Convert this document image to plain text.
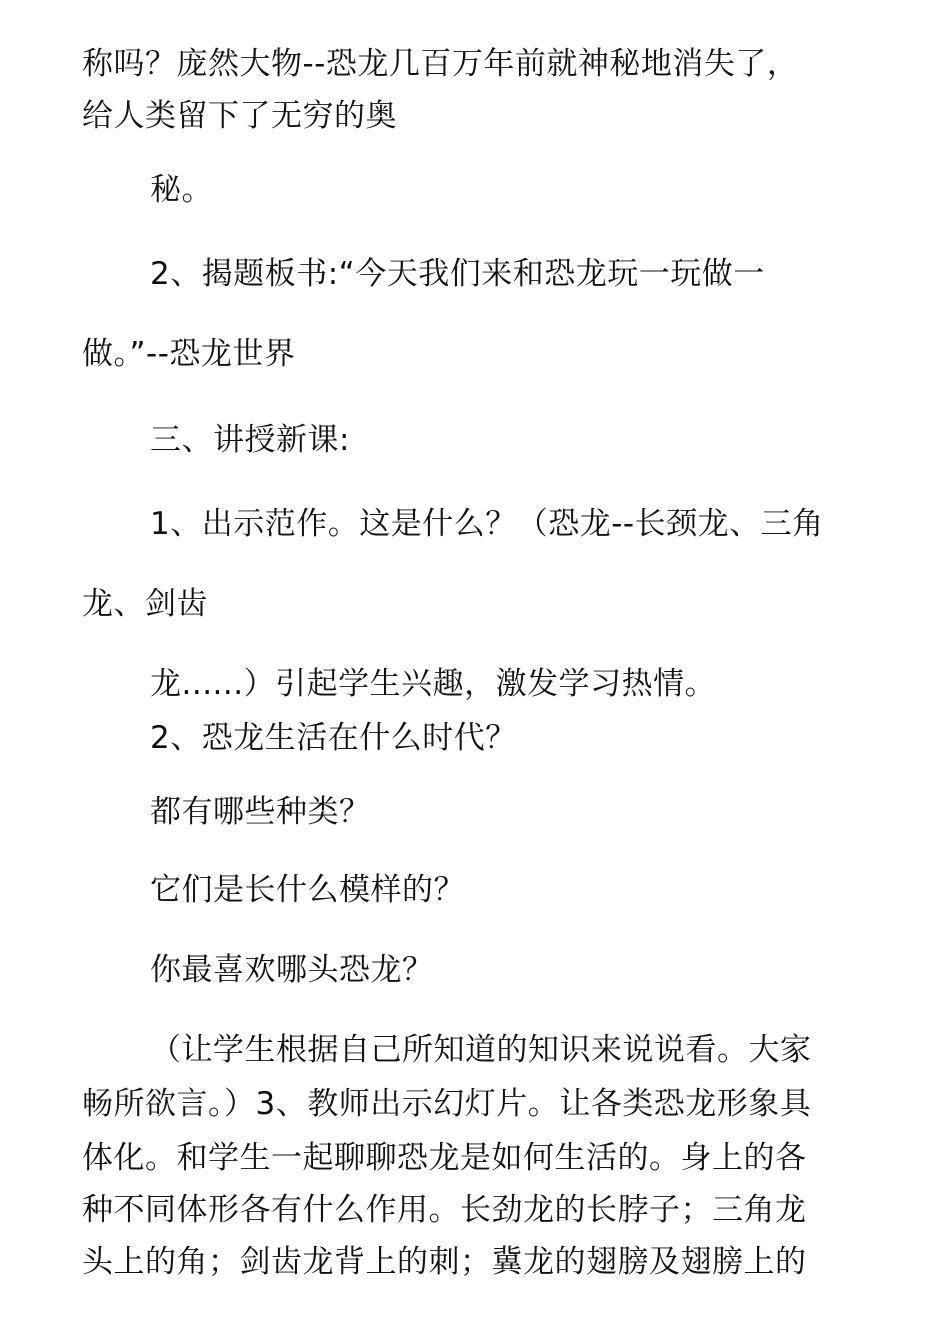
称吗？庞然大物--恐龙几百万年前就神秘地消失了，
给人类留下了无穷的奥
秘。
2、揭题板书:“今天我们来和恐龙玩一玩做一
做。”--恐龙世界
三、讲授新课:
1、出示范作。这是什么？（恐龙--长颈龙、三角
龙、剑齿
龙......）引起学生兴趣，激发学习热情。
2、恐龙生活在什么时代？
都有哪些种类？
它们是长什么模样的？
你最喜欢哪头恐龙？
（让学生根据自己所知道的知识来说说看。大家
畅所欲言。）3、教师出示幻灯片。让各类恐龙形象具
体化。和学生一起聊聊恐龙是如何生活的。身上的各
种不同体形各有什么作用。长劲龙的长脖子；三角龙
头上的角；剑齿龙背上的刺；冀龙的翅膀及翅膀上的
